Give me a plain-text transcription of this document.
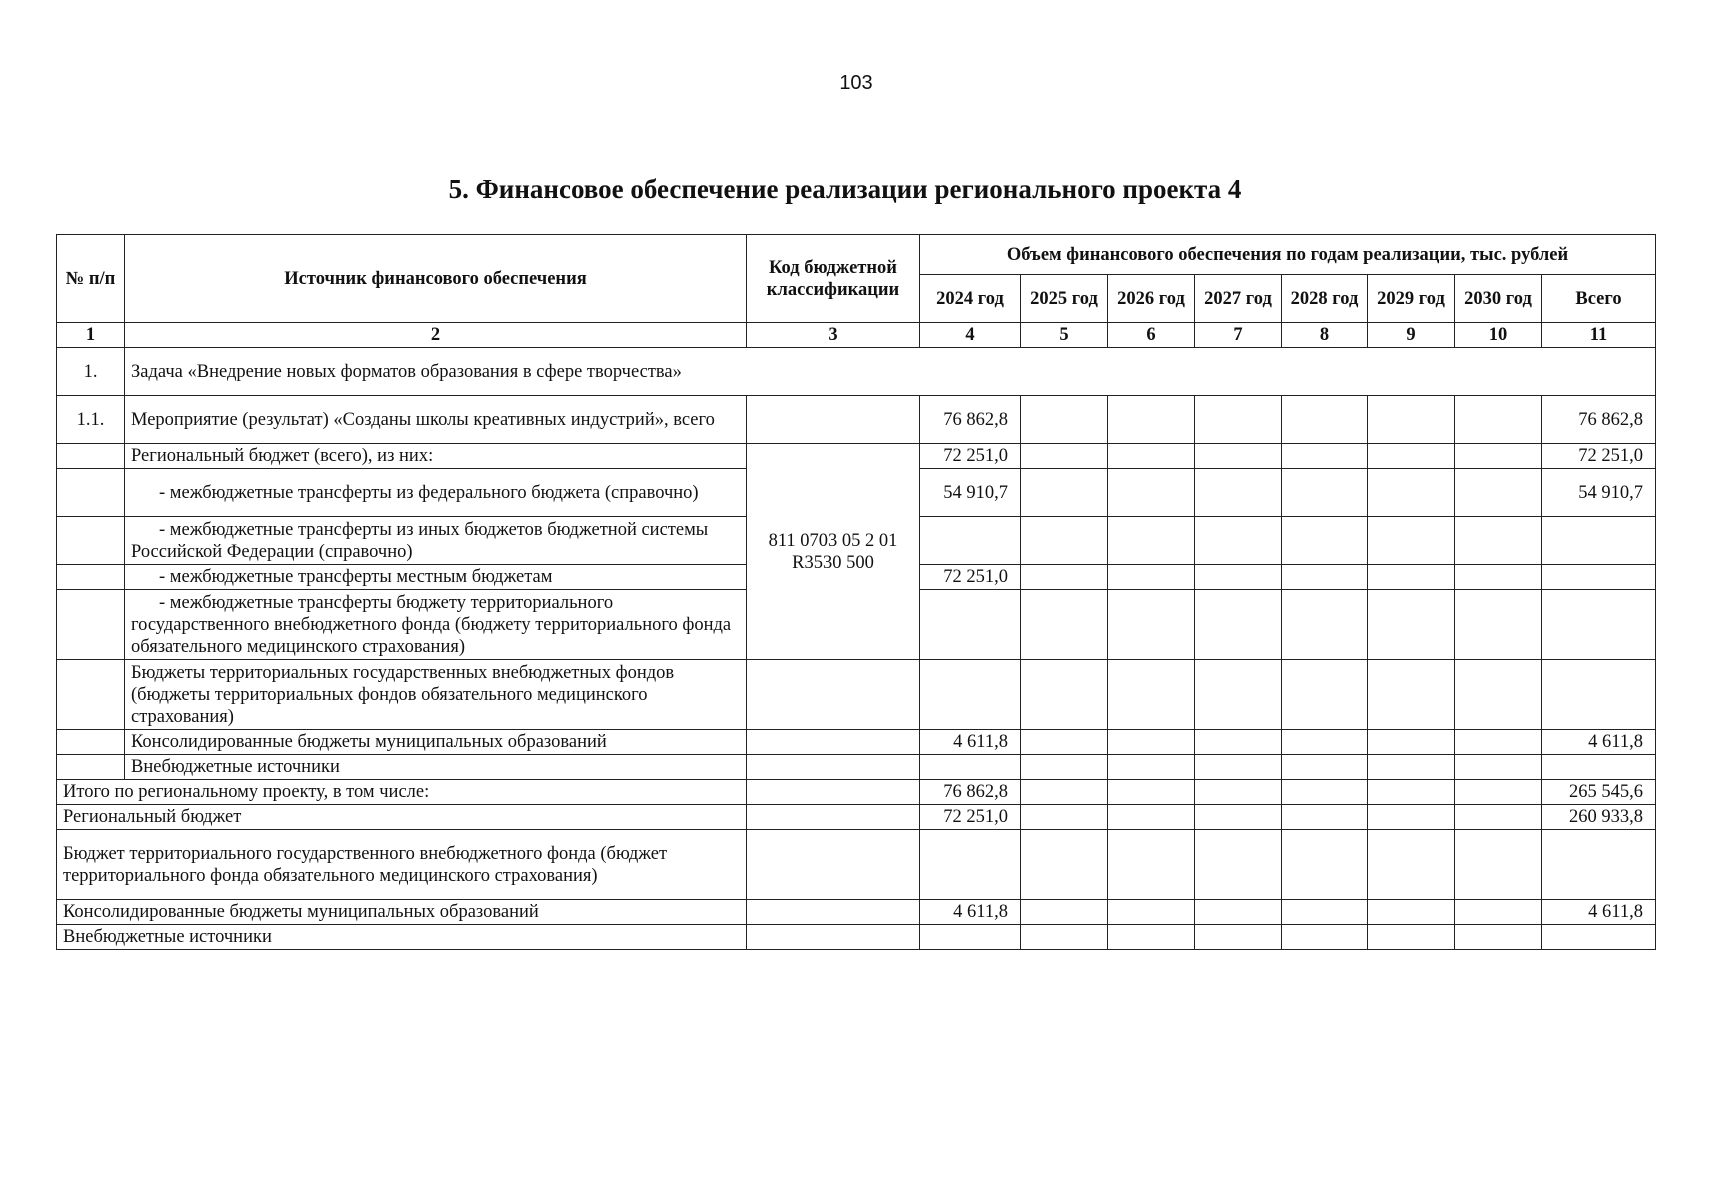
103
5. Финансовое обеспечение реализации регионального проекта 4
№ п/п	Источник финансового обеспечения	Код бюджетной классификации	Объем финансового обеспечения по годам реализации, тыс. рублей							
			2024 год	2025 год	2026 год	2027 год	2028 год	2029 год	2030 год	Всего
1	2	3	4	5	6	7	8	9	10	11
1.	Задача «Внедрение новых форматов образования в сфере творчества»									
1.1.	Мероприятие (результат) «Созданы школы креативных индустрий», всего		76 862,8							76 862,8
	Региональный бюджет (всего), из них:	811 0703 05 2 01 R3530 500	72 251,0							72 251,0
	- межбюджетные трансферты из федерального бюджета (справочно)		54 910,7							54 910,7
	- межбюджетные трансферты из иных бюджетов бюджетной системы Российской Федерации (справочно)									
	- межбюджетные трансферты местным бюджетам		72 251,0							
	- межбюджетные трансферты бюджету территориального государственного внебюджетного фонда (бюджету территориального фонда обязательного медицинского страхования)									
	Бюджеты территориальных государственных внебюджетных фондов (бюджеты территориальных фондов обязательного медицинского страхования)									
	Консолидированные бюджеты муниципальных образований		4 611,8							4 611,8
	Внебюджетные источники									
Итого по региональному проекту, в том числе:			76 862,8							265 545,6
Региональный бюджет			72 251,0							260 933,8
Бюджет территориального государственного внебюджетного фонда (бюджет территориального фонда обязательного медицинского страхования)										
Консолидированные бюджеты муниципальных образований			4 611,8							4 611,8
Внебюджетные источники										
